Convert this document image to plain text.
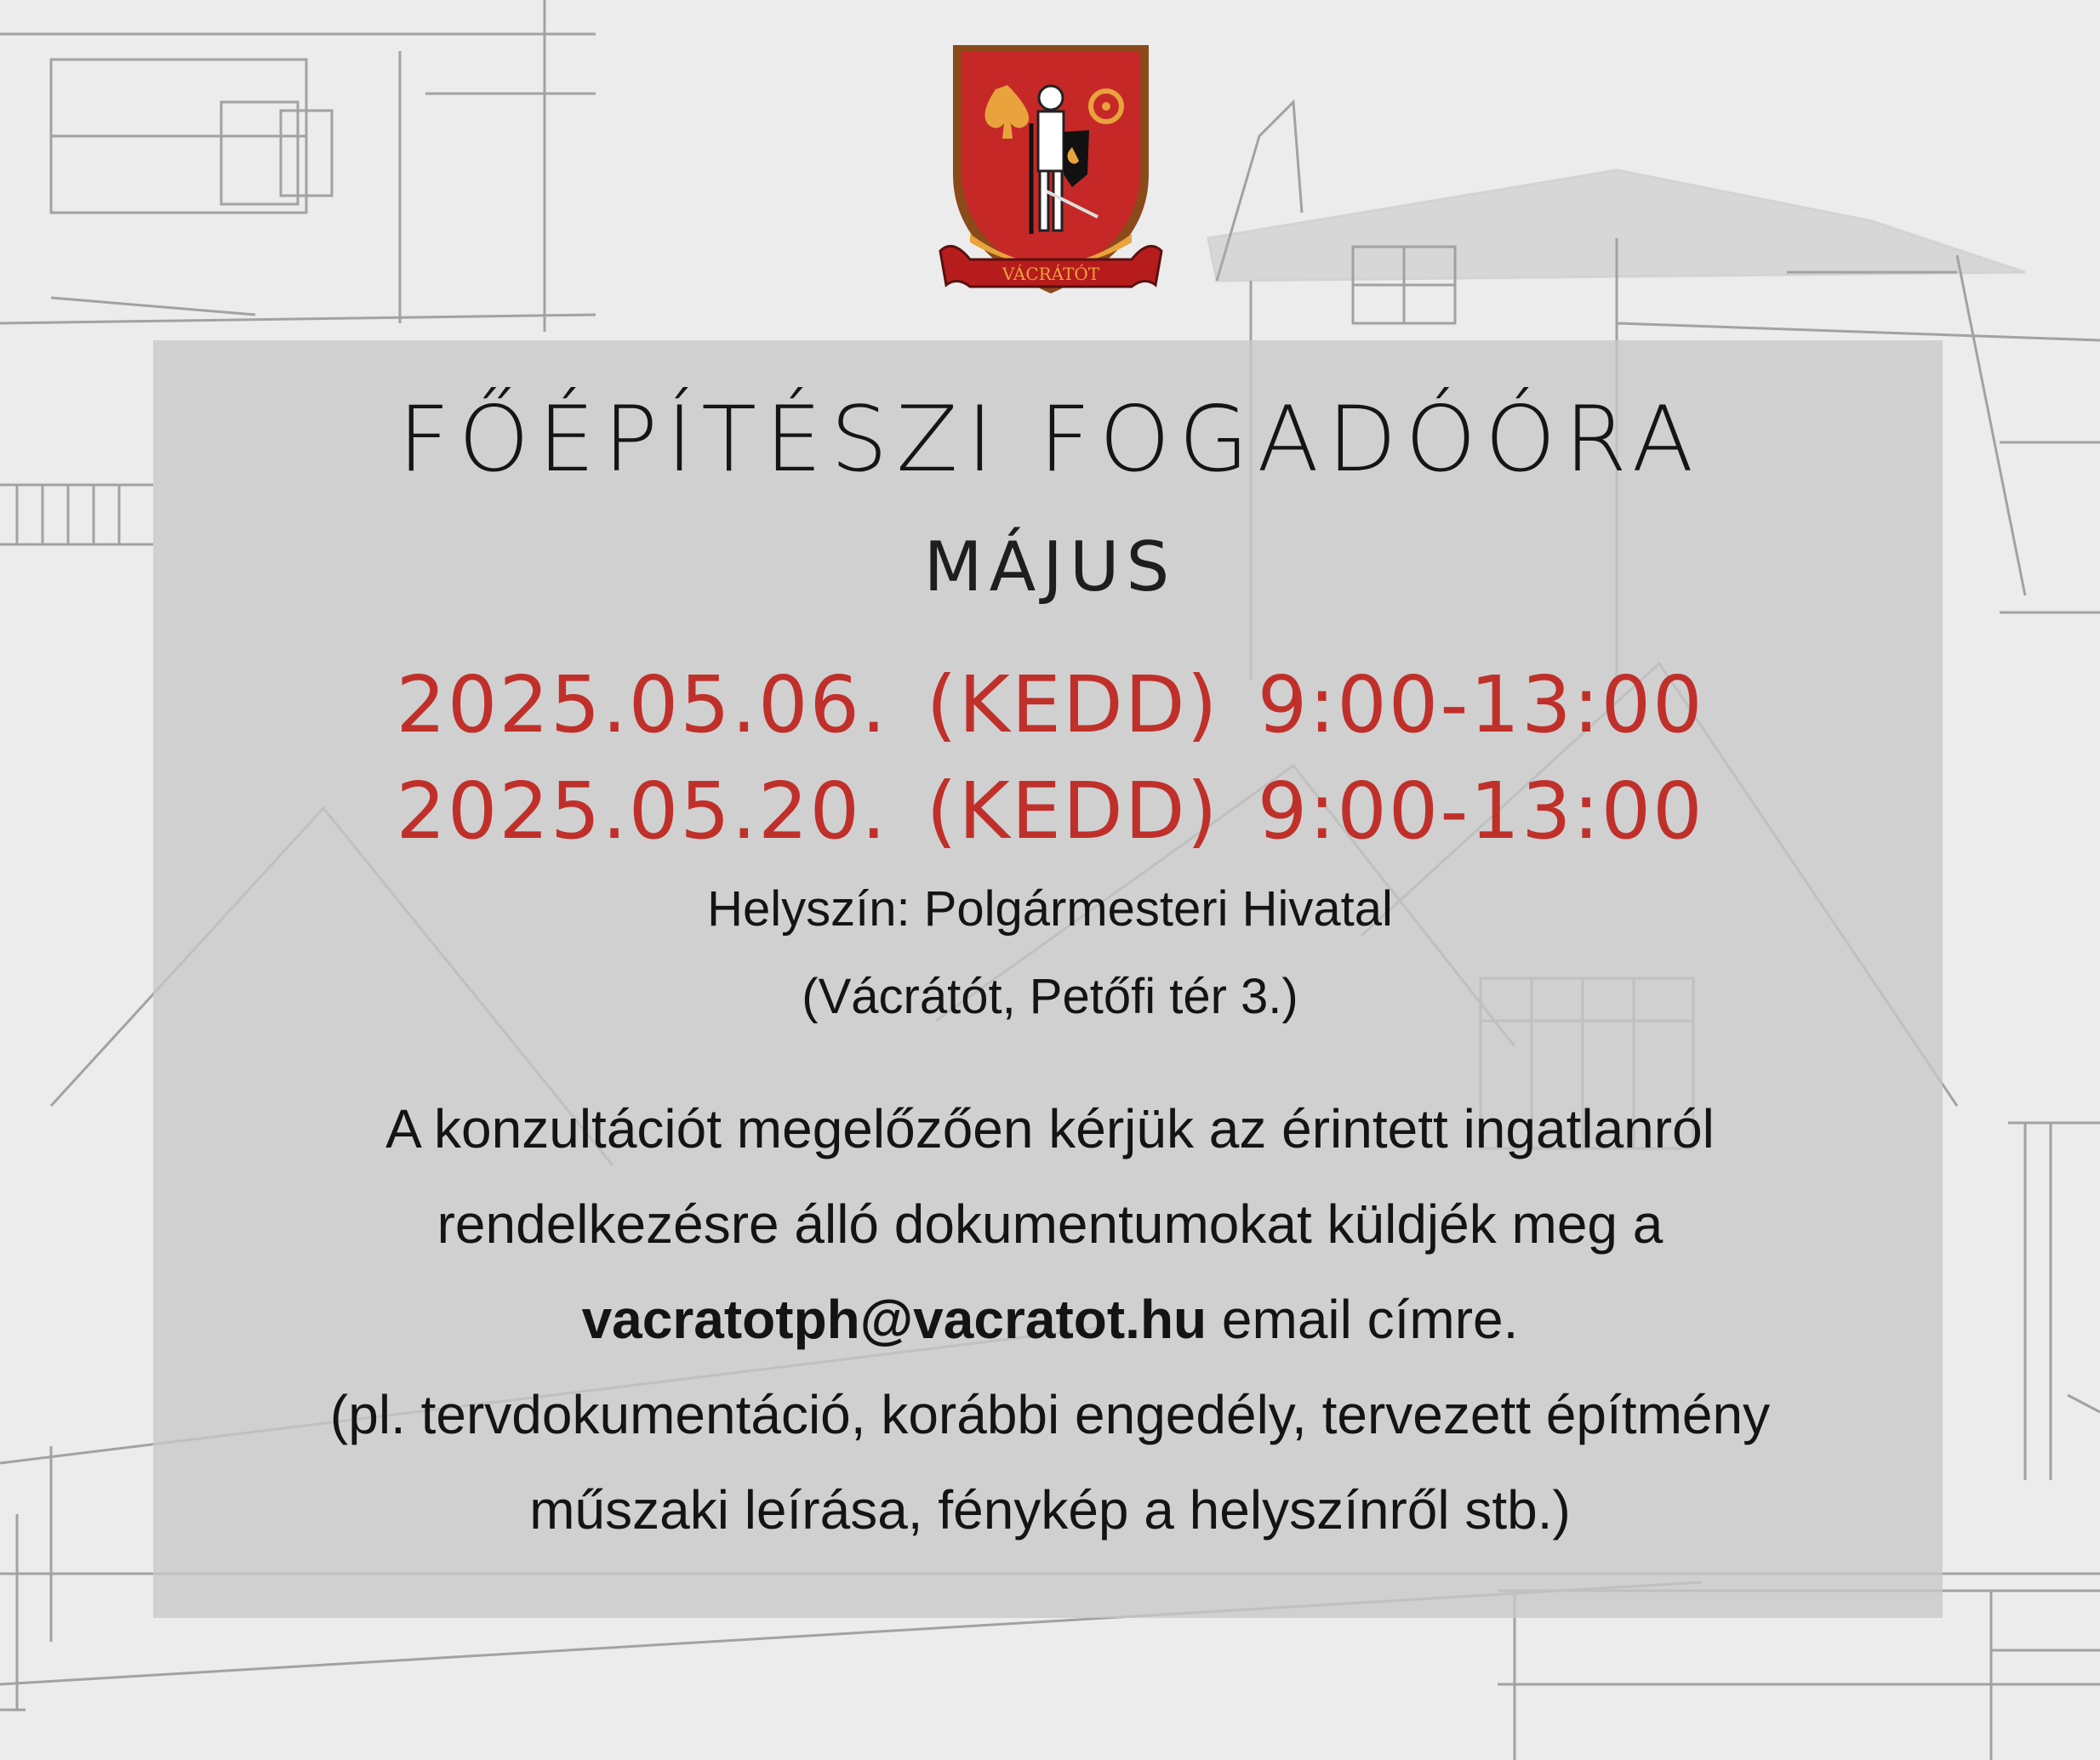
VÁCRÁTÓT
FŐÉPÍTÉSZI FOGADÓÓRA
MÁJUS
2025.05.06. (KEDD) 9:00-13:00
2025.05.20. (KEDD) 9:00-13:00
Helyszín: Polgármesteri Hivatal
(Vácrátót, Petőfi tér 3.)
A konzultációt megelőzően kérjük az érintett ingatlanról
rendelkezésre álló dokumentumokat küldjék meg a
vacratotph@vacratot.hu email címre.
(pl. tervdokumentáció, korábbi engedély, tervezett építmény
műszaki leírása, fénykép a helyszínről stb.)
